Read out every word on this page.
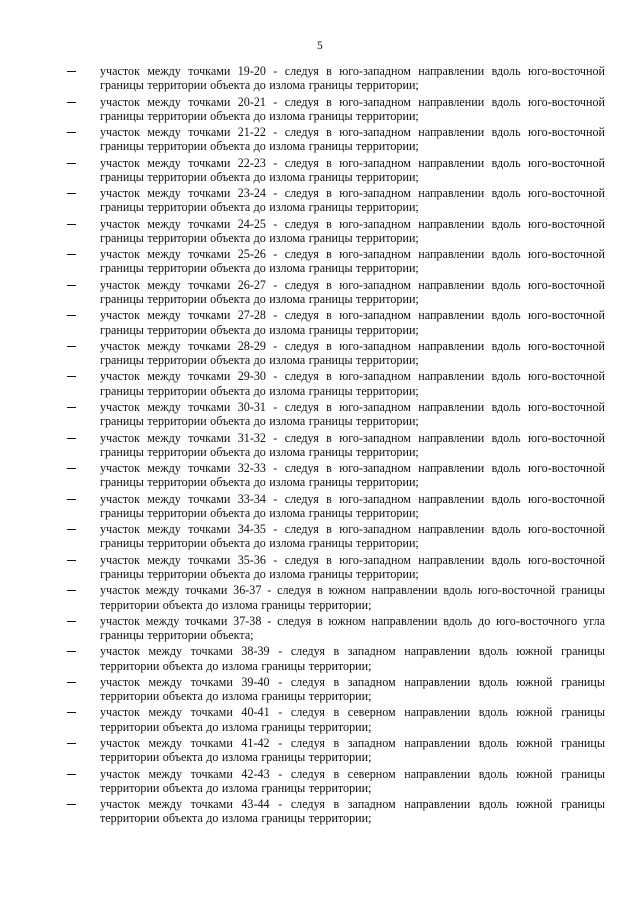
5
участок между точками 19-20 - следуя в юго-западном направлении вдоль юго-восточной границы территории объекта до излома границы территории;
участок между точками 20-21 - следуя в юго-западном направлении вдоль юго-восточной границы территории объекта до излома границы территории;
участок между точками 21-22 - следуя в юго-западном направлении вдоль юго-восточной границы территории объекта до излома границы территории;
участок между точками 22-23 - следуя в юго-западном направлении вдоль юго-восточной границы территории объекта до излома границы территории;
участок между точками 23-24 - следуя в юго-западном направлении вдоль юго-восточной границы территории объекта до излома границы территории;
участок между точками 24-25 - следуя в юго-западном направлении вдоль юго-восточной границы территории объекта до излома границы территории;
участок между точками 25-26 - следуя в юго-западном направлении вдоль юго-восточной границы территории объекта до излома границы территории;
участок между точками 26-27 - следуя в юго-западном направлении вдоль юго-восточной границы территории объекта до излома границы территории;
участок между точками 27-28 - следуя в юго-западном направлении вдоль юго-восточной границы территории объекта до излома границы территории;
участок между точками 28-29 - следуя в юго-западном направлении вдоль юго-восточной границы территории объекта до излома границы территории;
участок между точками 29-30 - следуя в юго-западном направлении вдоль юго-восточной границы территории объекта до излома границы территории;
участок между точками 30-31 - следуя в юго-западном направлении вдоль юго-восточной границы территории объекта до излома границы территории;
участок между точками 31-32 - следуя в юго-западном направлении вдоль юго-восточной границы территории объекта до излома границы территории;
участок между точками 32-33 - следуя в юго-западном направлении вдоль юго-восточной границы территории объекта до излома границы территории;
участок между точками 33-34 - следуя в юго-западном направлении вдоль юго-восточной границы территории объекта до излома границы территории;
участок между точками 34-35 - следуя в юго-западном направлении вдоль юго-восточной границы территории объекта до излома границы территории;
участок между точками 35-36 - следуя в юго-западном направлении вдоль юго-восточной границы территории объекта до излома границы территории;
участок между точками 36-37 - следуя в южном направлении вдоль юго-восточной границы территории объекта до излома границы территории;
участок между точками 37-38 - следуя в южном направлении вдоль до юго-восточного угла границы территории объекта;
участок между точками 38-39 - следуя в западном направлении вдоль южной границы территории объекта до излома границы территории;
участок между точками 39-40 - следуя в западном направлении вдоль южной границы территории объекта до излома границы территории;
участок между точками 40-41 - следуя в северном направлении вдоль южной границы территории объекта до излома границы территории;
участок между точками 41-42 - следуя в западном направлении вдоль южной границы территории объекта до излома границы территории;
участок между точками 42-43 - следуя в северном направлении вдоль южной границы территории объекта до излома границы территории;
участок между точками 43-44 - следуя в западном направлении вдоль южной границы территории объекта до излома границы территории;
